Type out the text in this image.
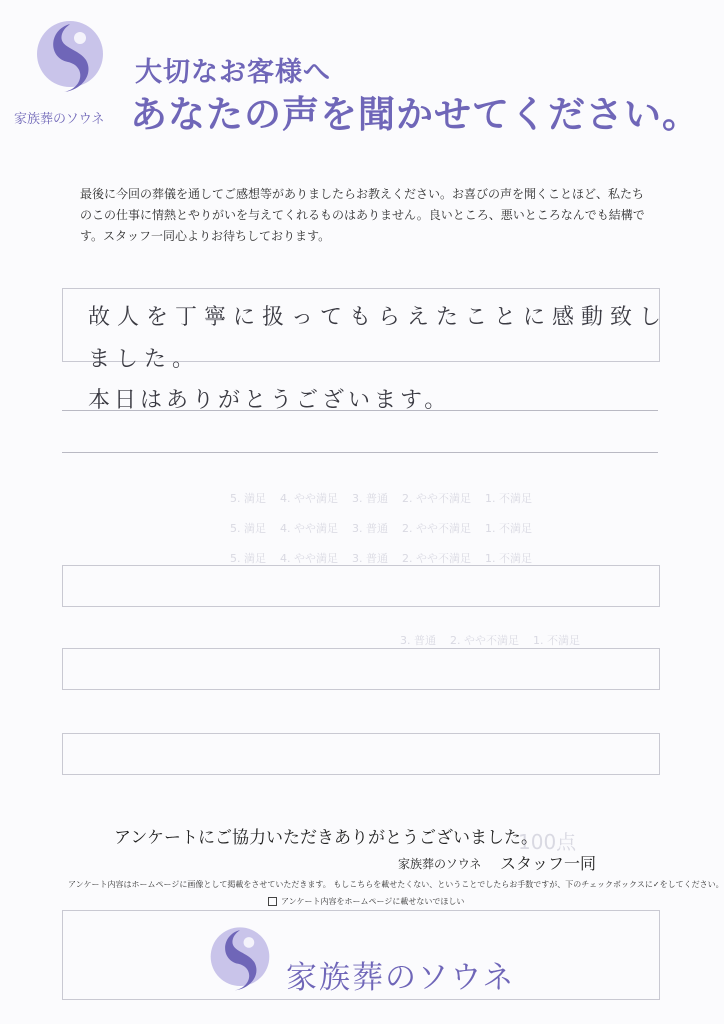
家族葬のソウネ
大切なお客様へ
あなたの声を聞かせてください。
最後に今回の葬儀を通してご感想等がありましたらお教えください。お喜びの声を聞くことほど、私たちのこの仕事に情熱とやりがいを与えてくれるものはありません。良いところ、悪いところなんでも結構です。スタッフ一同心よりお待ちしております。
5. 満足 4. やや満足 3. 普通 2. やや不満足 1. 不満足
5. 満足 4. やや満足 3. 普通 2. やや不満足 1. 不満足
5. 満足 4. やや満足 3. 普通 2. やや不満足 1. 不満足
3. 普通 2. やや不満足 1. 不満足
100点
故人を丁寧に扱ってもらえたことに感動致し
ました。
本日はありがとうございます。
アンケートにご協力いただきありがとうございました。
家族葬のソウネ スタッフ一同
アンケート内容はホームページに画像として掲載をさせていただきます。 もしこちらを載せたくない、ということでしたらお手数ですが、下のチェックボックスに✓をしてください。
アンケート内容をホームページに載せないでほしい
家族葬のソウネ
